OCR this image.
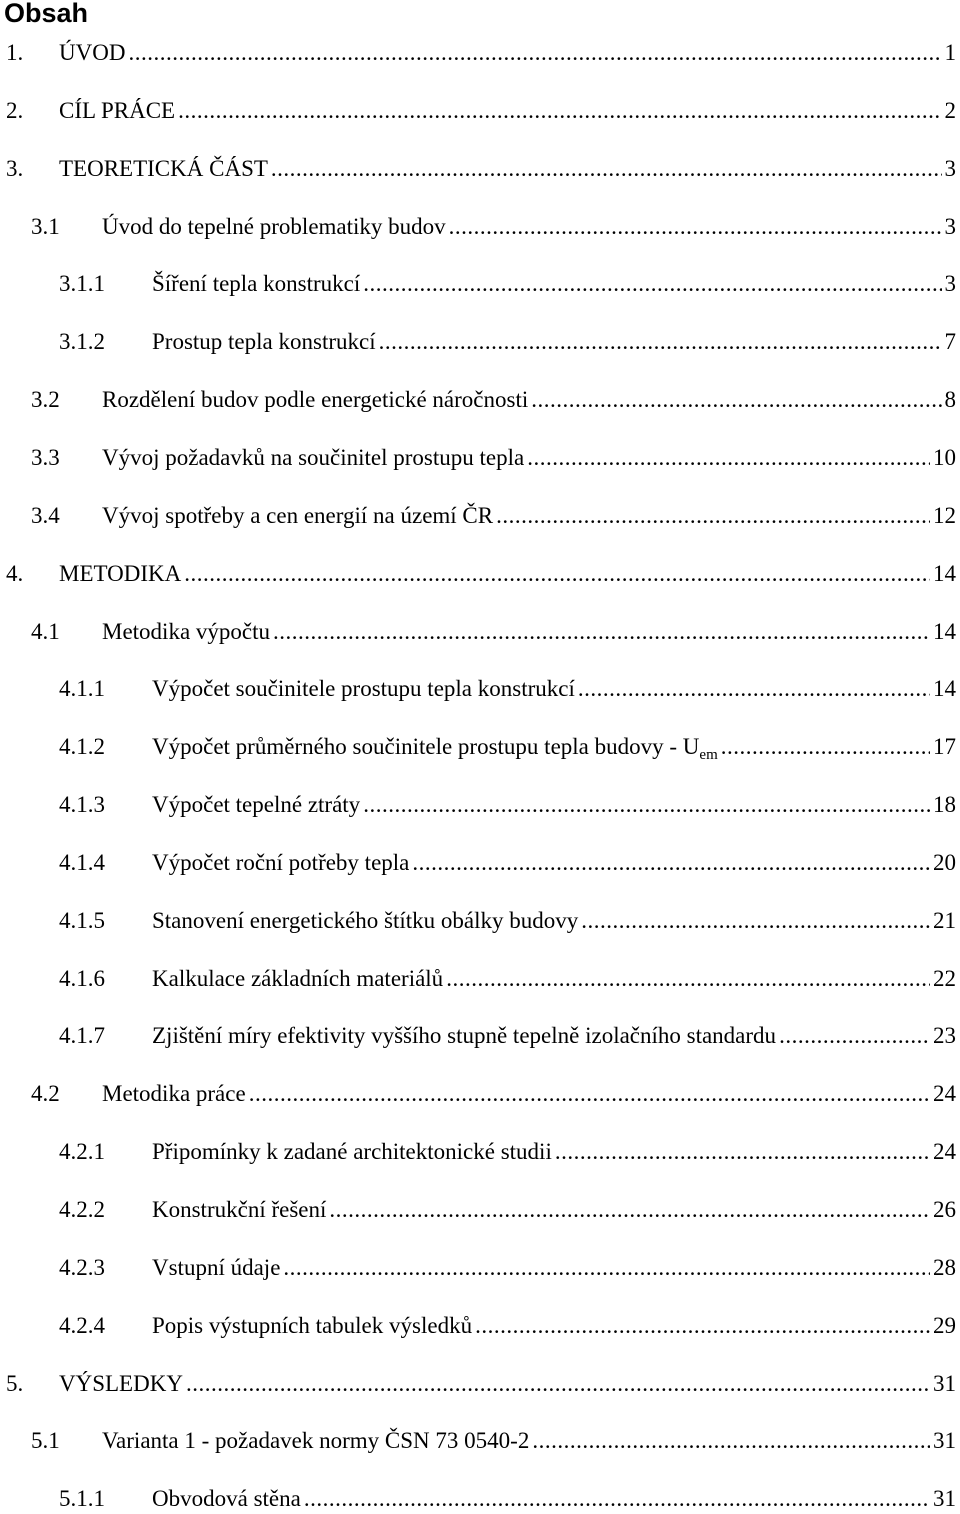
Obsah
1.	ÚVOD .....	1
2.	CÍL PRÁCE .....	2
3.	TEORETICKÁ ČÁST .....	3
3.1	Úvod do tepelné problematiky budov .....	3
3.1.1	Šíření tepla konstrukcí .....	3
3.1.2	Prostup tepla konstrukcí .....	7
3.2	Rozdělení budov podle energetické náročnosti .....	8
3.3	Vývoj požadavků na součinitel prostupu tepla .....	10
3.4	Vývoj spotřeby a cen energií na území ČR .....	12
4.	METODIKA .....	14
4.1	Metodika výpočtu .....	14
4.1.1	Výpočet součinitele prostupu tepla konstrukcí .....	14
4.1.2	Výpočet průměrného součinitele prostupu tepla budovy - $U_{em}$ .....	17
4.1.3	Výpočet tepelné ztráty .....	18
4.1.4	Výpočet roční potřeby tepla .....	20
4.1.5	Stanovení energetického štítku obálky budovy .....	21
4.1.6	Kalkulace základních materiálů .....	22
4.1.7	Zjištění míry efektivity vyššího stupně tepelně izolačního standardu .....	23
4.2	Metodika práce .....	24
4.2.1	Připomínky k zadané architektonické studii .....	24
4.2.2	Konstrukční řešení .....	26
4.2.3	Vstupní údaje .....	28
4.2.4	Popis výstupních tabulek výsledků .....	29
5.	VÝSLEDKY .....	31
5.1	Varianta 1 - požadavek normy ČSN 73 0540-2 .....	31
5.1.1	Obvodová stěna .....	31
